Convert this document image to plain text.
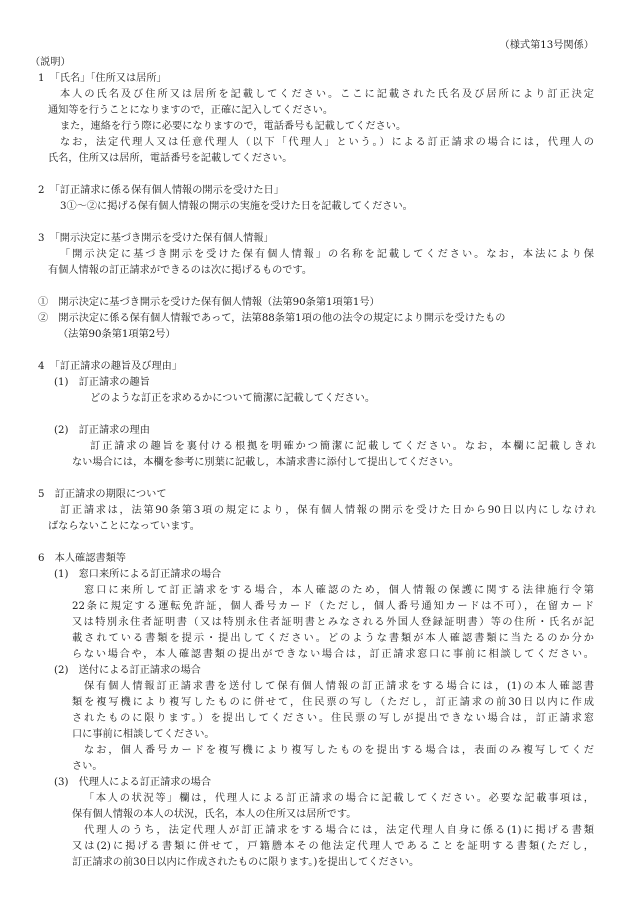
（様式第13号関係）
（説明）
1　「氏名」「住所又は居所」
本人の氏名及び住所又は居所を記載してください。ここに記載された氏名及び居所により訂正決定
通知等を行うことになりますので，正確に記入してください。
また，連絡を行う際に必要になりますので，電話番号も記載してください。
なお，法定代理人又は任意代理人（以下「代理人」という。）による訂正請求の場合には，代理人の
氏名，住所又は居所，電話番号を記載してください。
2　「訂正請求に係る保有個人情報の開示を受けた日」
3①～②に掲げる保有個人情報の開示の実施を受けた日を記載してください。
3　「開示決定に基づき開示を受けた保有個人情報」
「開示決定に基づき開示を受けた保有個人情報」の名称を記載してください。なお，本法により保
有個人情報の訂正請求ができるのは次に掲げるものです。
①　開示決定に基づき開示を受けた保有個人情報（法第90条第1項第1号）
②　開示決定に係る保有個人情報であって，法第88条第1項の他の法令の規定により開示を受けたもの
（法第90条第1項第2号）
4　「訂正請求の趣旨及び理由」
(1)　訂正請求の趣旨
どのような訂正を求めるかについて簡潔に記載してください。
(2)　訂正請求の理由
訂正請求の趣旨を裏付ける根拠を明確かつ簡潔に記載してください。なお，本欄に記載しきれ
ない場合には，本欄を参考に別葉に記載し，本請求書に添付して提出してください。
5　訂正請求の期限について
訂正請求は，法第90条第3項の規定により，保有個人情報の開示を受けた日から90日以内にしなけれ
ばならないことになっています。
6　本人確認書類等
(1)　窓口来所による訂正請求の場合
窓口に来所して訂正請求をする場合，本人確認のため，個人情報の保護に関する法律施行令第
22条に規定する運転免許証，個人番号カード（ただし，個人番号通知カードは不可），在留カード
又は特別永住者証明書（又は特別永住者証明書とみなされる外国人登録証明書）等の住所・氏名が記
載されている書類を提示・提出してください。どのような書類が本人確認書類に当たるのか分か
らない場合や，本人確認書類の提出ができない場合は，訂正請求窓口に事前に相談してください。
(2)　送付による訂正請求の場合
保有個人情報訂正請求書を送付して保有個人情報の訂正請求をする場合には，(1)の本人確認書
類を複写機により複写したものに併せて，住民票の写し（ただし，訂正請求の前30日以内に作成
されたものに限ります。）を提出してください。住民票の写しが提出できない場合は，訂正請求窓
口に事前に相談してください。
なお，個人番号カードを複写機により複写したものを提出する場合は，表面のみ複写してくだ
さい。
(3)　代理人による訂正請求の場合
「本人の状況等」欄は，代理人による訂正請求の場合に記載してください。必要な記載事項は，
保有個人情報の本人の状況，氏名，本人の住所又は居所です。
代理人のうち，法定代理人が訂正請求をする場合には，法定代理人自身に係る(1)に掲げる書類
又は(2)に掲げる書類に併せて，戸籍謄本その他法定代理人であることを証明する書類(ただし，
訂正請求の前30日以内に作成されたものに限ります。)を提出してください。
